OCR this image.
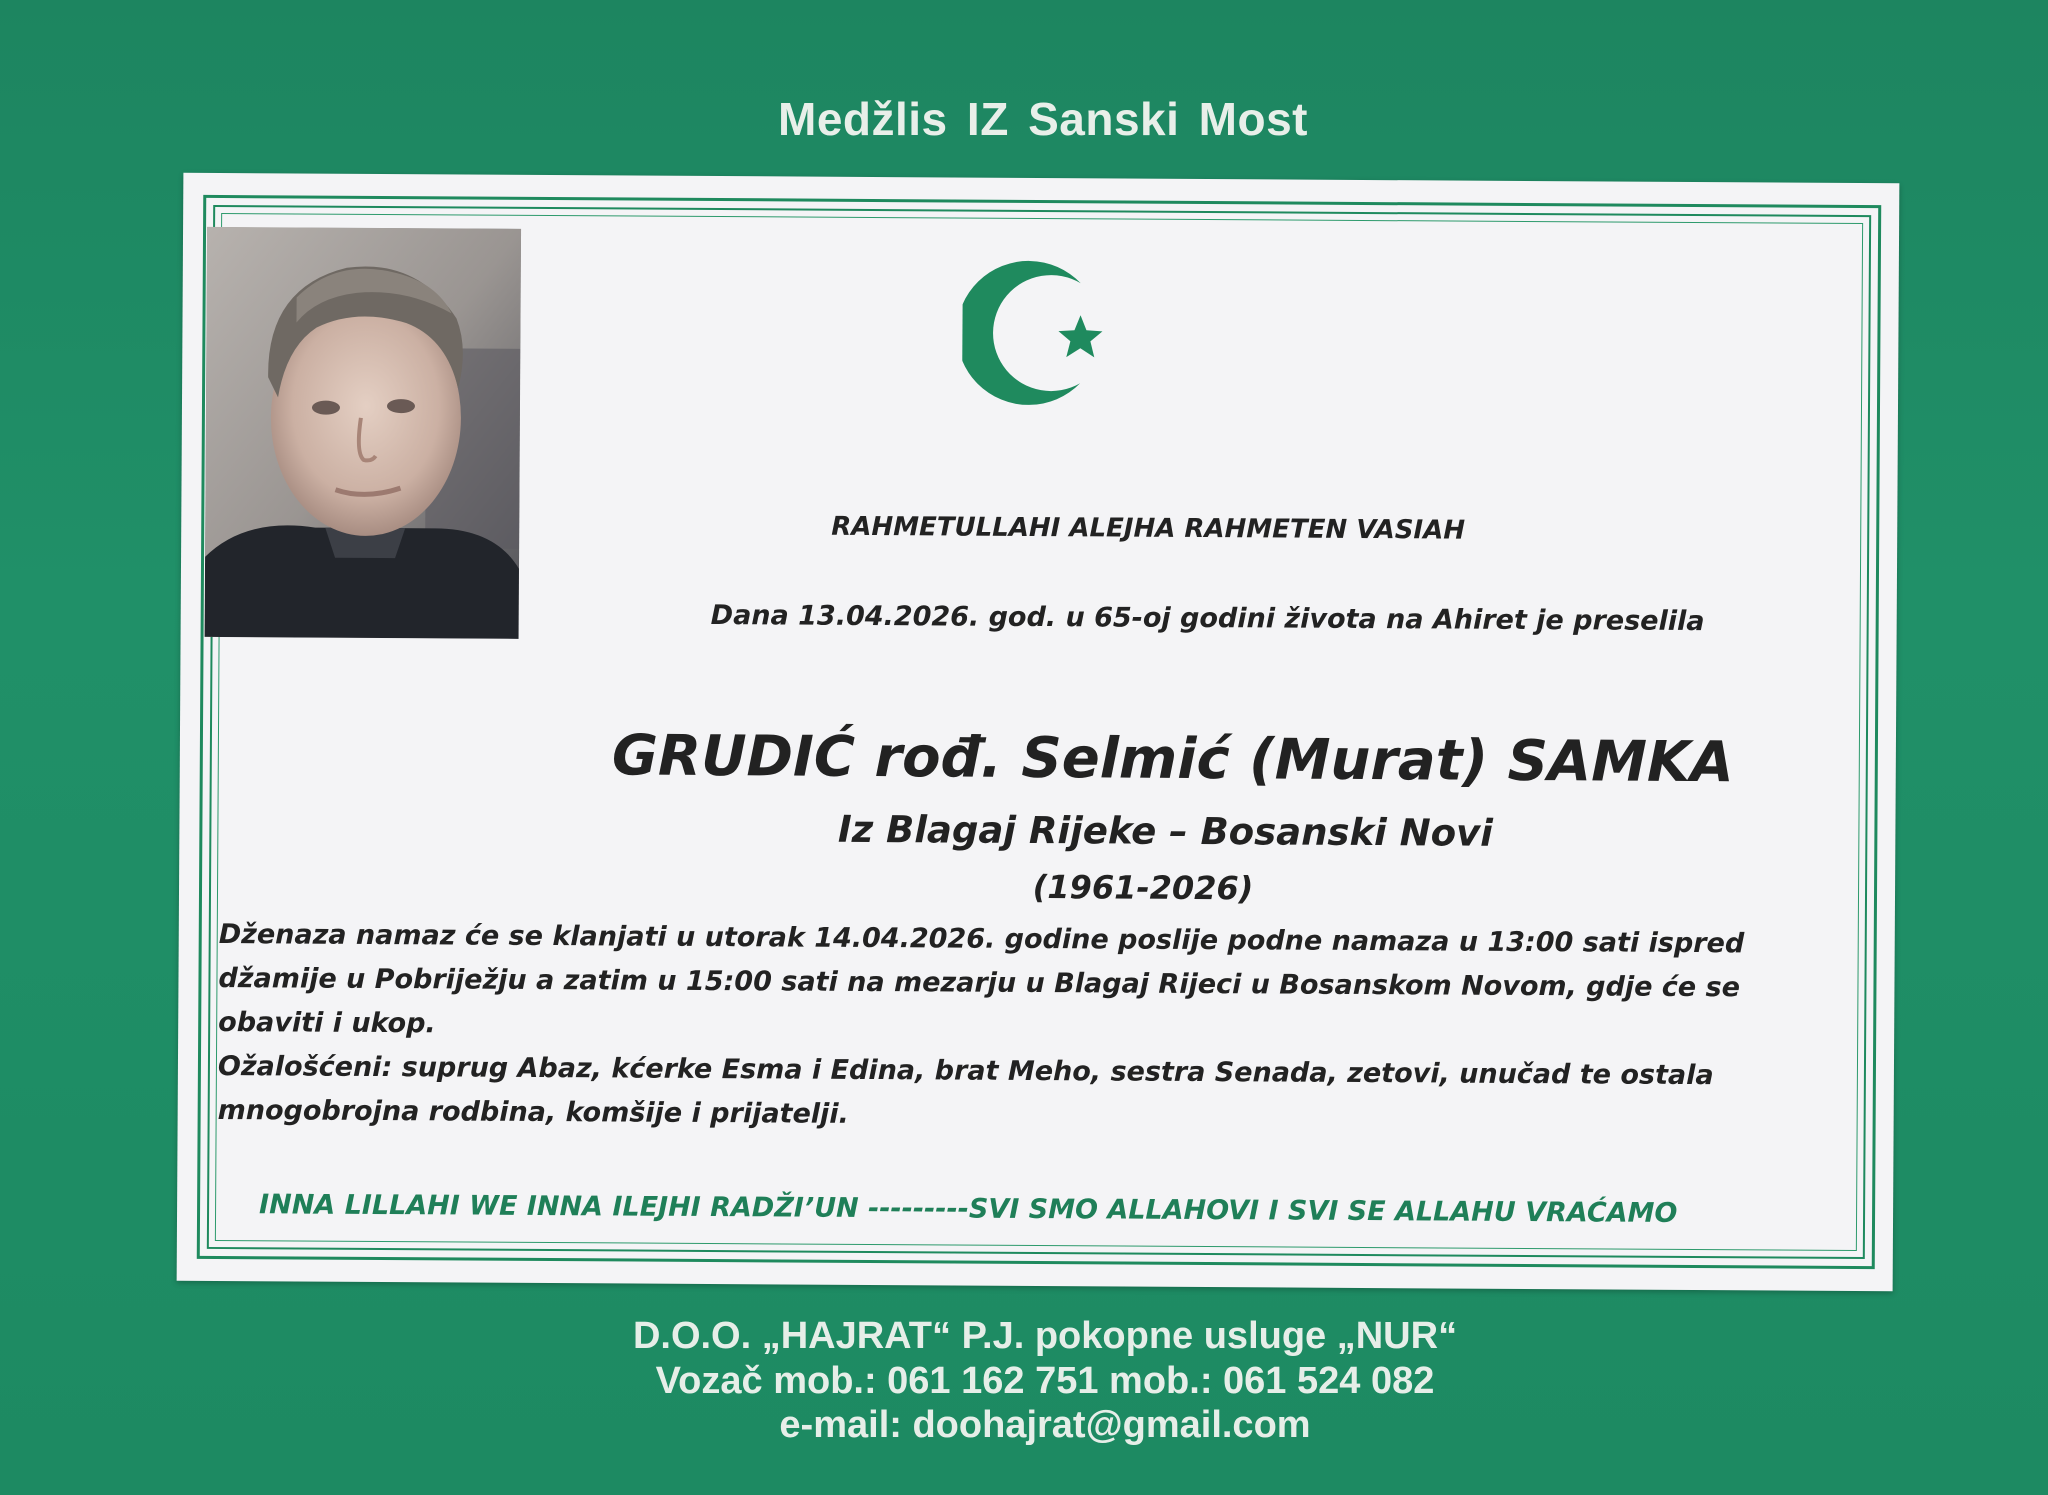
Medžlis IZ Sanski Most
RAHMETULLAHI ALEJHA RAHMETEN VASIAH
Dana 13.04.2026. god. u 65-oj godini života na Ahiret je preselila
GRUDIĆ rođ. Selmić (Murat) SAMKA
Iz Blagaj Rijeke – Bosanski Novi
(1961-2026)

Dženaza namaz će se klanjati u utorak 14.04.2026. godine poslije podne namaza u 13:00 sati ispred

džamije u Pobriježju a zatim u 15:00 sati na mezarju u Blagaj Rijeci u Bosanskom Novom, gdje će se

obaviti i ukop.

Ožalošćeni: suprug Abaz, kćerke Esma i Edina, brat Meho, sestra Senada, zetovi, unučad te ostala

mnogobrojna rodbina, komšije i prijatelji.

INNA LILLAHI WE INNA ILEJHI RADŽI’UN ---------SVI SMO ALLAHOVI I SVI SE ALLAHU VRAĆAMO
D.O.O. „HAJRAT“ P.J. pokopne usluge „NUR“
Vozač mob.: 061 162 751 mob.: 061 524 082
e-mail: doohajrat@gmail.com
